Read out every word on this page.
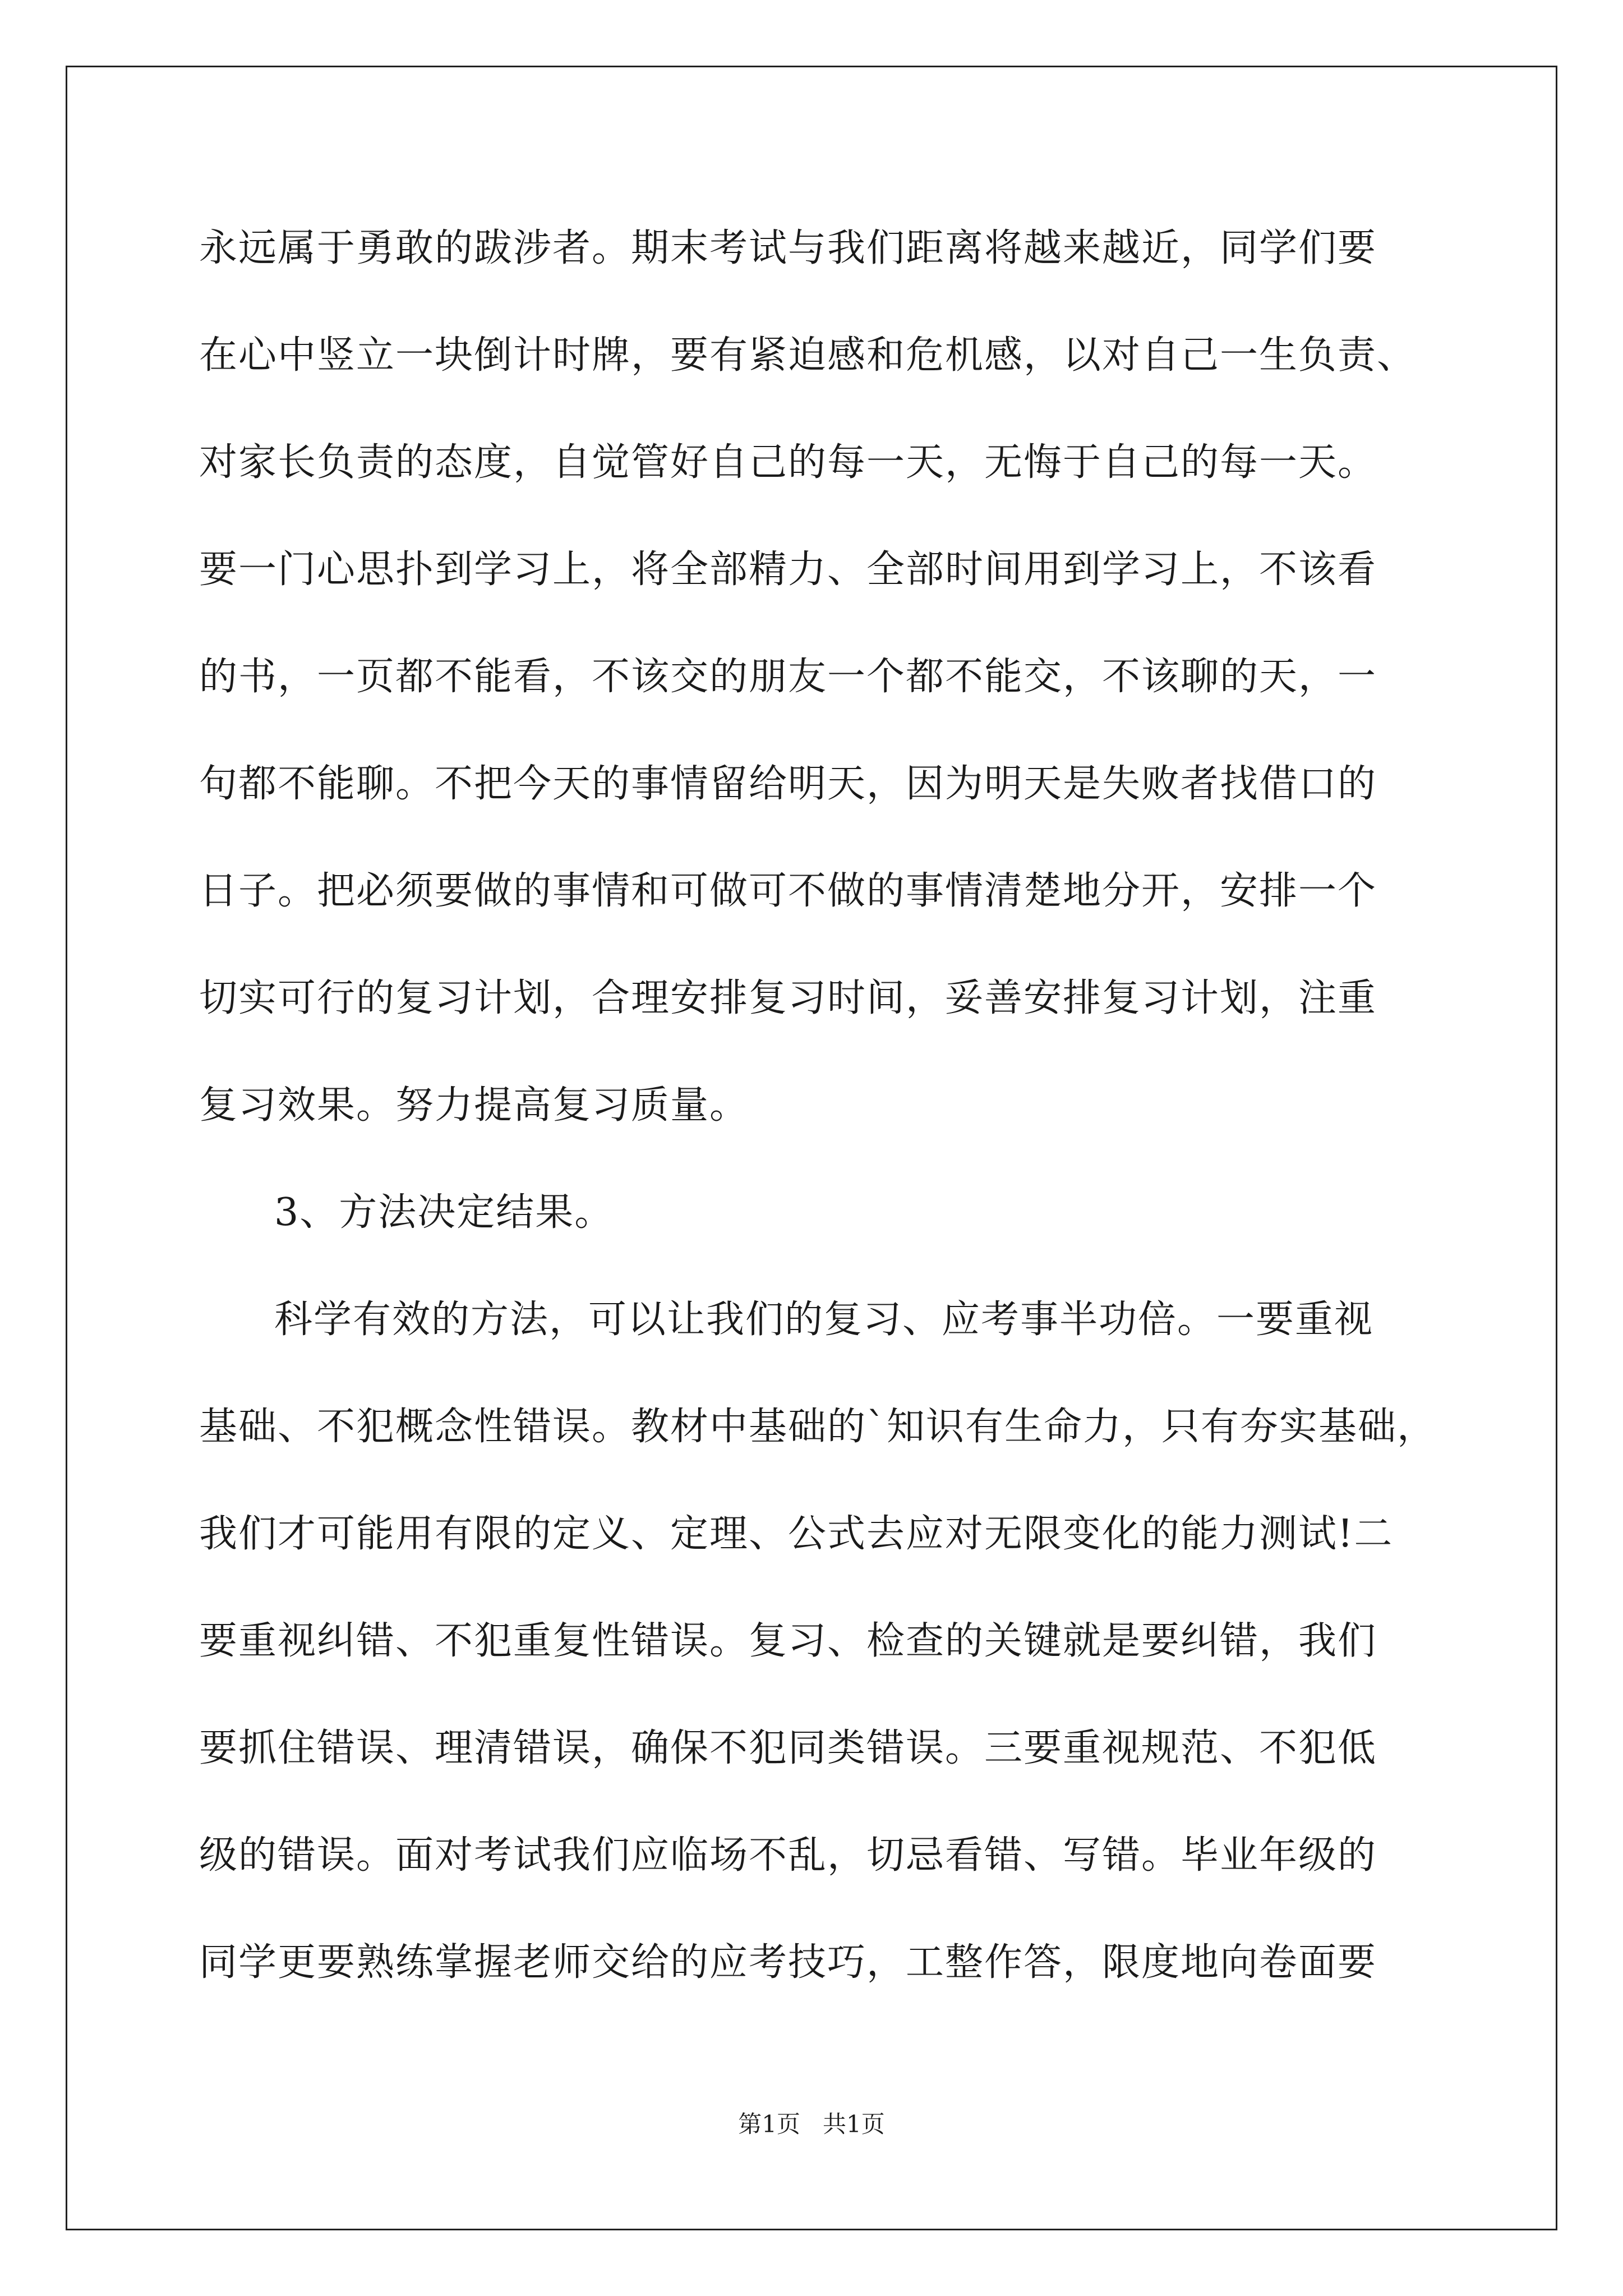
永远属于勇敢的跋涉者。期末考试与我们距离将越来越近，同学们要
在心中竖立一块倒计时牌，要有紧迫感和危机感，以对自己一生负责、
对家长负责的态度，自觉管好自己的每一天，无悔于自己的每一天。
要一门心思扑到学习上，将全部精力、全部时间用到学习上，不该看
的书，一页都不能看，不该交的朋友一个都不能交，不该聊的天，一
句都不能聊。不把今天的事情留给明天，因为明天是失败者找借口的
日子。把必须要做的事情和可做可不做的事情清楚地分开，安排一个
切实可行的复习计划，合理安排复习时间，妥善安排复习计划，注重
复习效果。努力提高复习质量。
3、方法决定结果。
科学有效的方法，可以让我们的复习、应考事半功倍。一要重视
基础、不犯概念性错误。教材中基础的`知识有生命力，只有夯实基础，
我们才可能用有限的定义、定理、公式去应对无限变化的能力测试!二
要重视纠错、不犯重复性错误。复习、检查的关键就是要纠错，我们
要抓住错误、理清错误，确保不犯同类错误。三要重视规范、不犯低
级的错误。面对考试我们应临场不乱，切忌看错、写错。毕业年级的
同学更要熟练掌握老师交给的应考技巧，工整作答，限度地向卷面要
第1页   共1页
